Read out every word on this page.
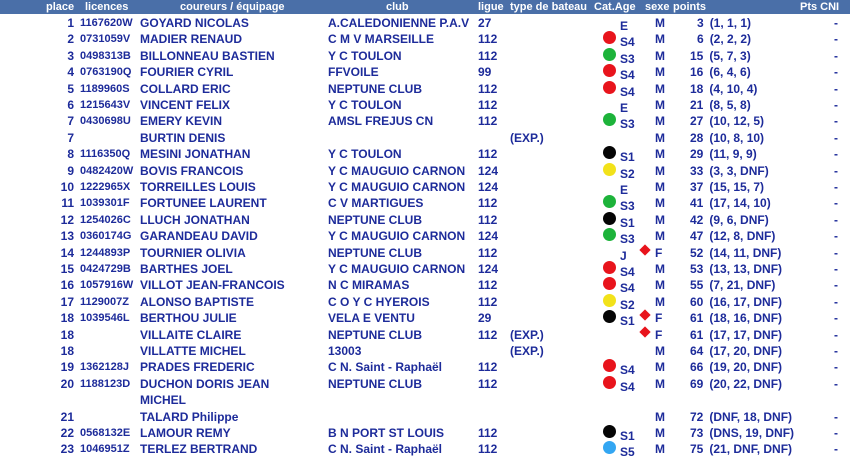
place licences	coureurs / équipage	club	ligue type de bateau Cat.Age sexe points	Pts CNI
1 1167620W GOYARD NICOLAS	A.CALEDONIENNE P.A.V 27	E M	3 (1, 1, 1)	-
2 0731059V MADIER RENAUD	C M V MARSEILLE	112	S4 M	6 (2, 2, 2)	-
3 0498313B BILLONNEAU BASTIEN	Y C TOULON	112	S3 M 15 (5, 7, 3)	-
4 0763190Q FOURIER CYRIL	FFVOILE	99	S4 M 16 (6, 4, 6)	-
5 1189960S COLLARD ERIC	NEPTUNE CLUB	112	S4 M 18 (4, 10, 4)	-
6 1215643V VINCENT FELIX	Y C TOULON	112	E M 21 (8, 5, 8)	-
7 0430698U EMERY KEVIN	AMSL FREJUS CN	112	S3 M 27 (10, 12, 5)	-
7	BURTIN DENIS	(EXP.)	M 28 (10, 8, 10)	-
8 1116350Q MESINI JONATHAN	Y C TOULON	112	S1 M 29 (11, 9, 9)	-
9 0482420W BOVIS FRANCOIS	Y C MAUGUIO CARNON 124	S2 M 33 (3, 3, DNF)	-
10 1222965X TORREILLES LOUIS	Y C MAUGUIO CARNON 124	E M 37 (15, 15, 7)	-
11 1039301F FORTUNEE LAURENT	C V MARTIGUES	112	S3 M 41 (17, 14, 10)	-
12 1254026C LLUCH JONATHAN	NEPTUNE CLUB	112	S1 M 42 (9, 6, DNF)	-
13 0360174G GARANDEAU DAVID	Y C MAUGUIO CARNON 124	S3 M 47 (12, 8, DNF)	-
14 1244893P TOURNIER OLIVIA	NEPTUNE CLUB	112	J F 52 (14, 11, DNF)	-
15 0424729B BARTHES JOEL	Y C MAUGUIO CARNON 124	S4 M 53 (13, 13, DNF)	-
16 1057916W VILLOT JEAN-FRANCOIS	N C MIRAMAS	112	S4 M 55 (7, 21, DNF)	-
17 1129007Z ALONSO BAPTISTE	C O Y C HYEROIS	112	S2 M 60 (16, 17, DNF)	-
18 1039546L BERTHOU JULIE	VELA E VENTU	29	S1 F 61 (18, 16, DNF)	-
18	VILLAITE CLAIRE	NEPTUNE CLUB	112 (EXP.)	F 61 (17, 17, DNF)	-
18	VILLATTE MICHEL	13003	(EXP.)	M 64 (17, 20, DNF)	-
19 1362128J PRADES FREDERIC	C N. Saint - Raphaël	112	S4 M 66 (19, 20, DNF)	-
20 1188123D DUCHON DORIS JEAN	NEPTUNE CLUB	112	S4 M 69 (20, 22, DNF)	-
MICHEL
21	TALARD Philippe	M 72 (DNF, 18, DNF)	-
22 0568132E LAMOUR REMY	B N PORT ST LOUIS	112	S1 M 73 (DNS, 19, DNF)	-
23 1046951Z TERLEZ BERTRAND	C N. Saint - Raphaël	112	S5 M 75 (21, DNF, DNF)	-
